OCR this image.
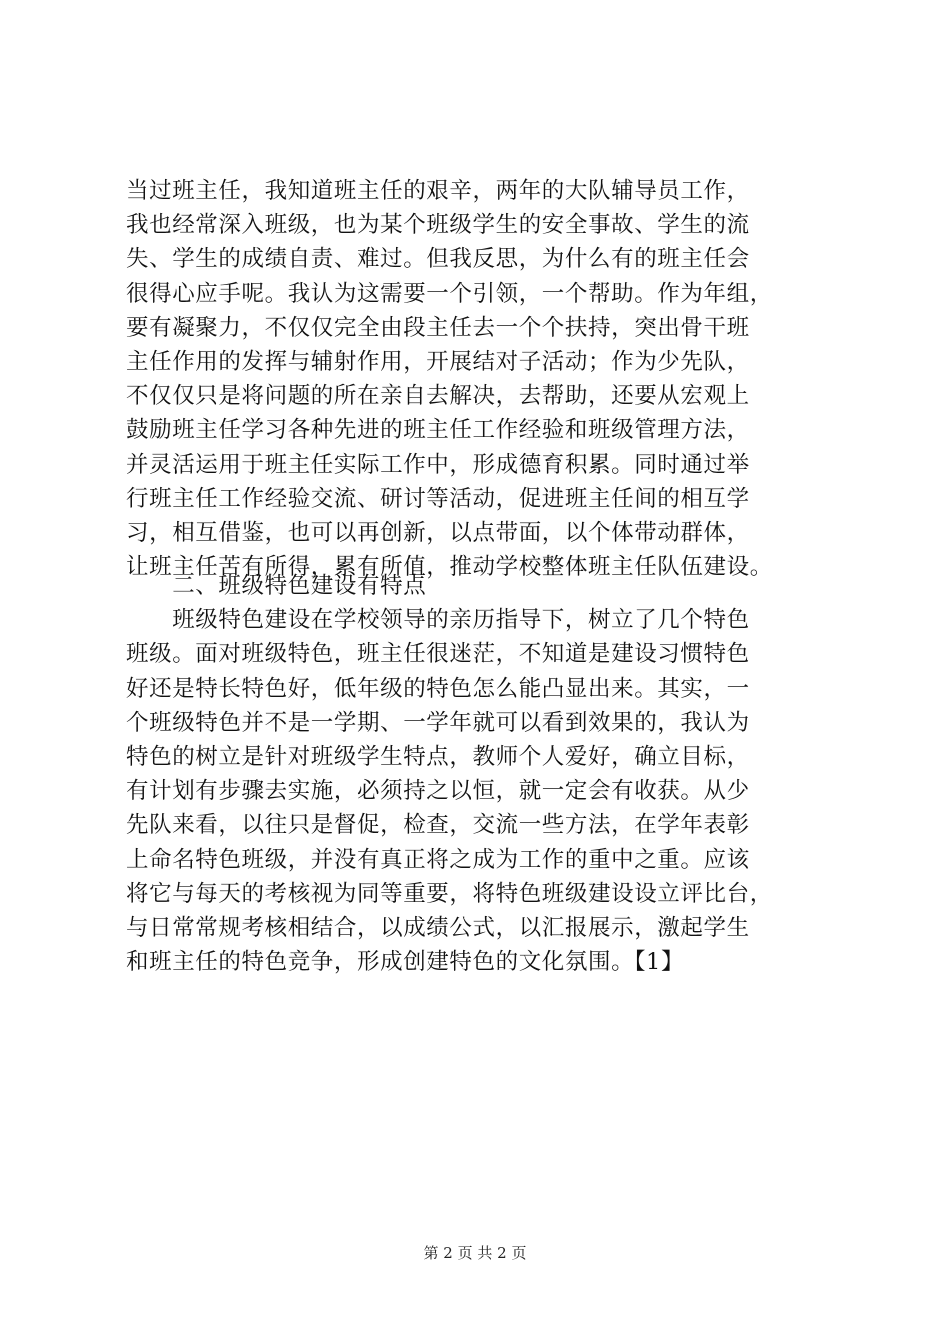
当过班主任，我知道班主任的艰辛，两年的大队辅导员工作，
我也经常深入班级，也为某个班级学生的安全事故、学生的流
失、学生的成绩自责、难过。但我反思，为什么有的班主任会
很得心应手呢。我认为这需要一个引领，一个帮助。作为年组，
要有凝聚力，不仅仅完全由段主任去一个个扶持，突出骨干班
主任作用的发挥与辅射作用，开展结对子活动；作为少先队，
不仅仅只是将问题的所在亲自去解决，去帮助，还要从宏观上
鼓励班主任学习各种先进的班主任工作经验和班级管理方法，
并灵活运用于班主任实际工作中，形成德育积累。同时通过举
行班主任工作经验交流、研讨等活动，促进班主任间的相互学
习，相互借鉴，也可以再创新，以点带面，以个体带动群体，
让班主任苦有所得，累有所值，推动学校整体班主任队伍建设。
　　二、班级特色建设有特点
　　班级特色建设在学校领导的亲历指导下，树立了几个特色
班级。面对班级特色，班主任很迷茫，不知道是建设习惯特色
好还是特长特色好，低年级的特色怎么能凸显出来。其实，一
个班级特色并不是一学期、一学年就可以看到效果的，我认为
特色的树立是针对班级学生特点，教师个人爱好，确立目标，
有计划有步骤去实施，必须持之以恒，就一定会有收获。从少
先队来看，以往只是督促，检查，交流一些方法，在学年表彰
上命名特色班级，并没有真正将之成为工作的重中之重。应该
将它与每天的考核视为同等重要，将特色班级建设设立评比台，
与日常常规考核相结合，以成绩公式，以汇报展示，激起学生
和班主任的特色竞争，形成创建特色的文化氛围。【1】
第 2 页 共 2 页
